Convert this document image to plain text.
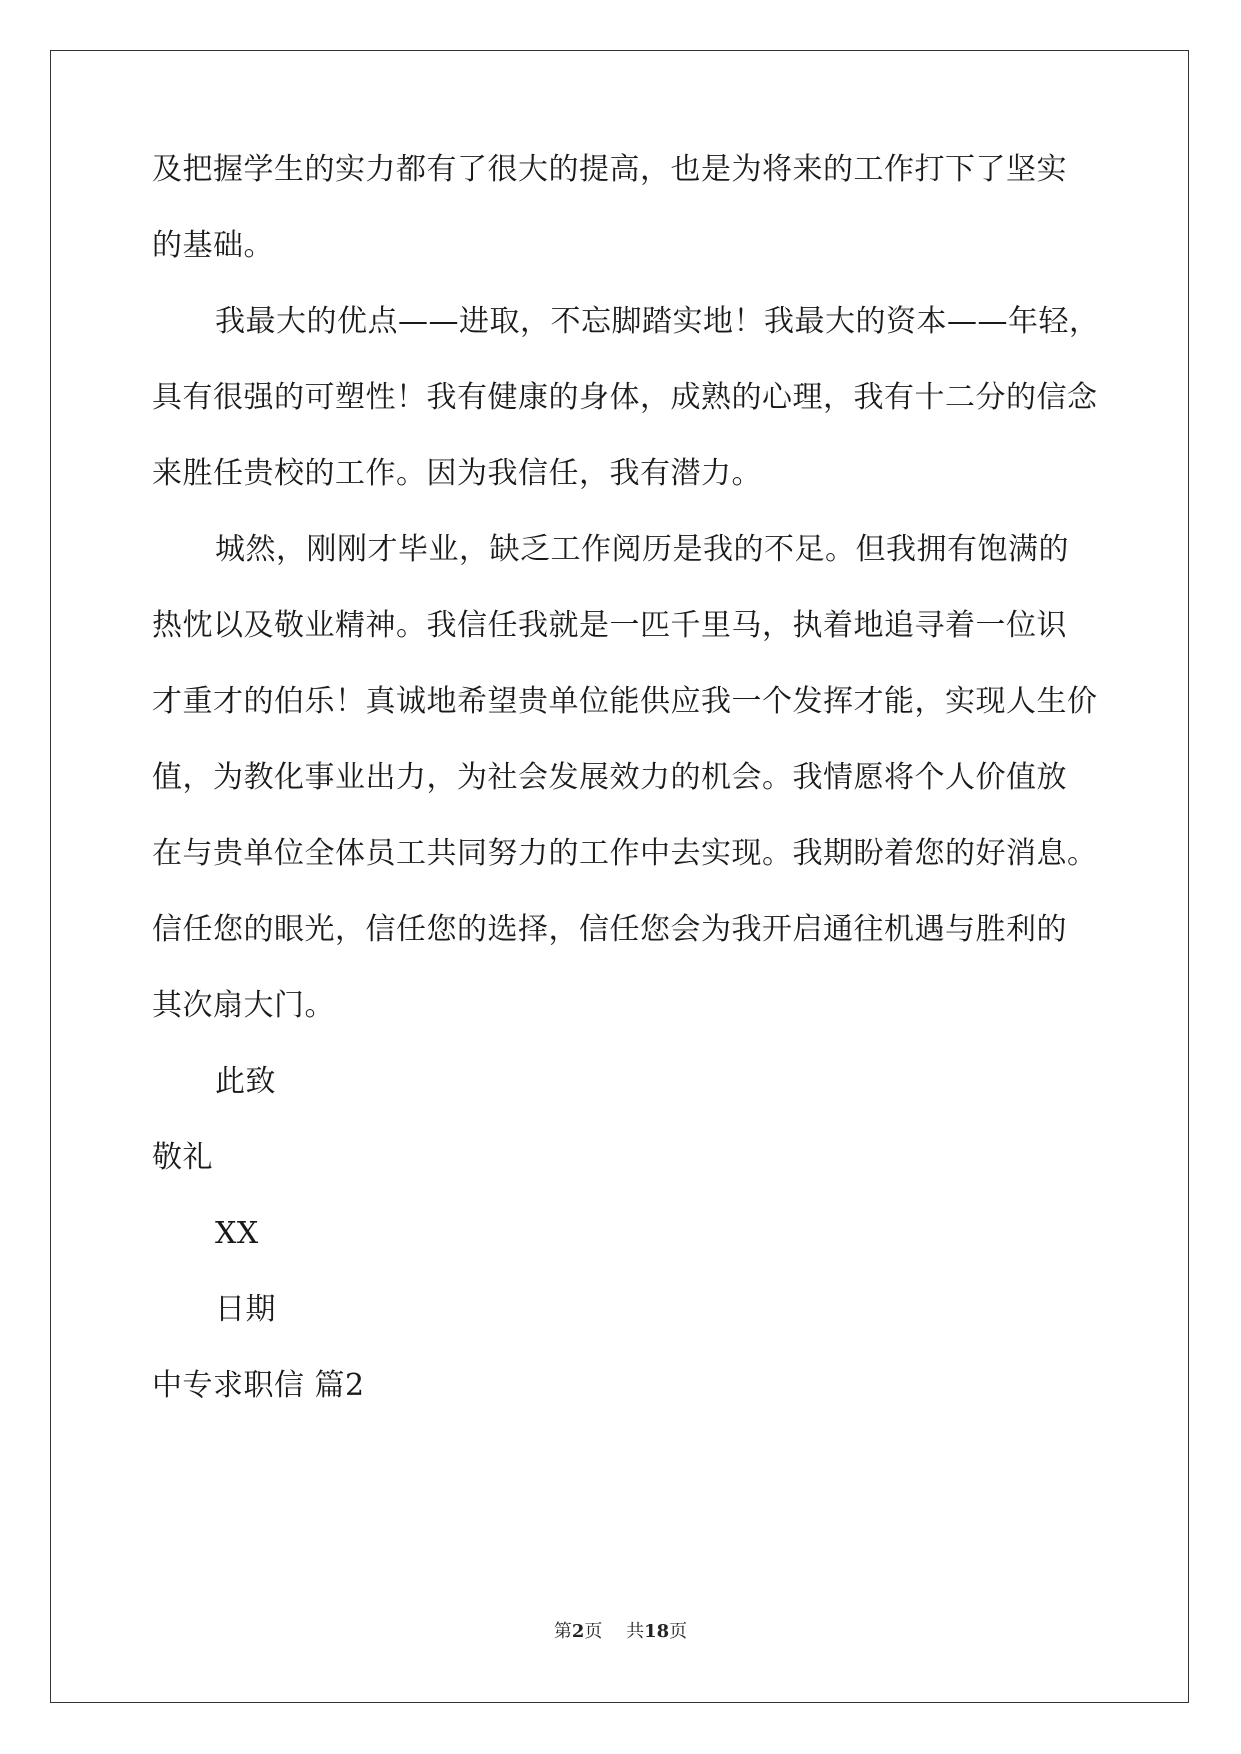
及把握学生的实力都有了很大的提高，也是为将来的工作打下了坚实
的基础。
我最大的优点——进取，不忘脚踏实地！我最大的资本——年轻，
具有很强的可塑性！我有健康的身体，成熟的心理，我有十二分的信念
来胜任贵校的工作。因为我信任，我有潜力。
城然，刚刚才毕业，缺乏工作阅历是我的不足。但我拥有饱满的
热忱以及敬业精神。我信任我就是一匹千里马，执着地追寻着一位识
才重才的伯乐！真诚地希望贵单位能供应我一个发挥才能，实现人生价
值，为教化事业出力，为社会发展效力的机会。我情愿将个人价值放
在与贵单位全体员工共同努力的工作中去实现。我期盼着您的好消息。
信任您的眼光，信任您的选择，信任您会为我开启通往机遇与胜利的
其次扇大门。
此致
敬礼
XX
日期
中专求职信 篇2
第2页   共18页
